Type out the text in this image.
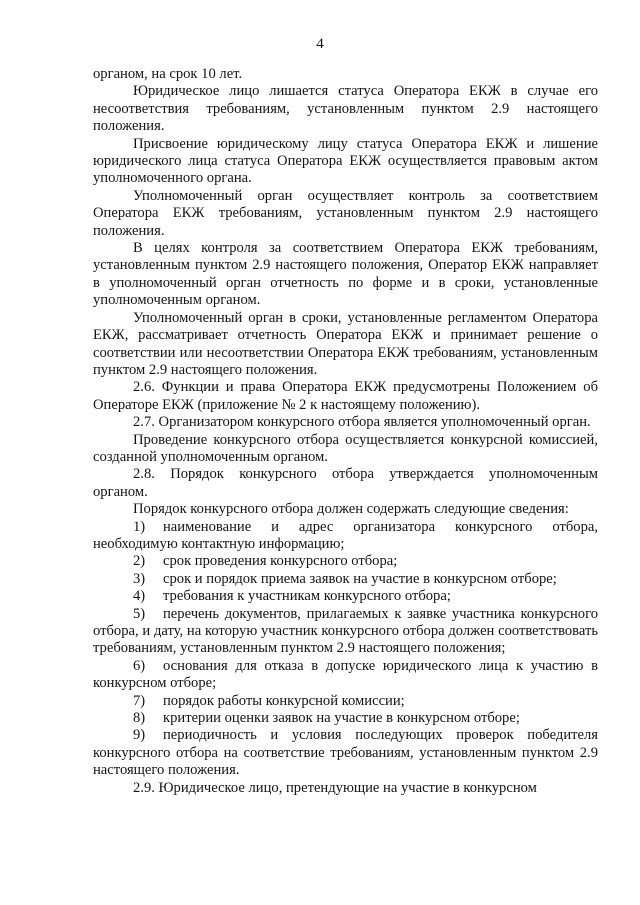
4

органом, на срок 10 лет.

Юридическое лицо лишается статуса Оператора ЕКЖ в случае его несоответствия требованиям, установленным пунктом 2.9 настоящего положения.

Присвоение юридическому лицу статуса Оператора ЕКЖ и лишение юридического лица статуса Оператора ЕКЖ осуществляется правовым актом уполномоченного органа.

Уполномоченный орган осуществляет контроль за соответствием Оператора ЕКЖ требованиям, установленным пунктом 2.9 настоящего положения.

В целях контроля за соответствием Оператора ЕКЖ требованиям, установленным пунктом 2.9 настоящего положения, Оператор ЕКЖ направляет в уполномоченный орган отчетность по форме и в сроки, установленные уполномоченным органом.

Уполномоченный орган в сроки, установленные регламентом Оператора ЕКЖ, рассматривает отчетность Оператора ЕКЖ и принимает решение о соответствии или несоответствии Оператора ЕКЖ требованиям, установленным пунктом 2.9 настоящего положения.

2.6. Функции и права Оператора ЕКЖ предусмотрены Положением об Операторе ЕКЖ (приложение № 2 к настоящему положению).

2.7. Организатором конкурсного отбора является уполномоченный орган.

Проведение конкурсного отбора осуществляется конкурсной комиссией, созданной уполномоченным органом.

2.8. Порядок конкурсного отбора утверждается уполномоченным органом.

Порядок конкурсного отбора должен содержать следующие сведения:

1) наименование и адрес организатора конкурсного отбора, необходимую контактную информацию;

2) срок проведения конкурсного отбора;

3) срок и порядок приема заявок на участие в конкурсном отборе;

4) требования к участникам конкурсного отбора;

5) перечень документов, прилагаемых к заявке участника конкурсного отбора, и дату, на которую участник конкурсного отбора должен соответствовать требованиям, установленным пунктом 2.9 настоящего положения;

6) основания для отказа в допуске юридического лица к участию в конкурсном отборе;

7) порядок работы конкурсной комиссии;

8) критерии оценки заявок на участие в конкурсном отборе;

9) периодичность и условия последующих проверок победителя конкурсного отбора на соответствие требованиям, установленным пунктом 2.9 настоящего положения.

2.9. Юридическое лицо, претендующие на участие в конкурсном
